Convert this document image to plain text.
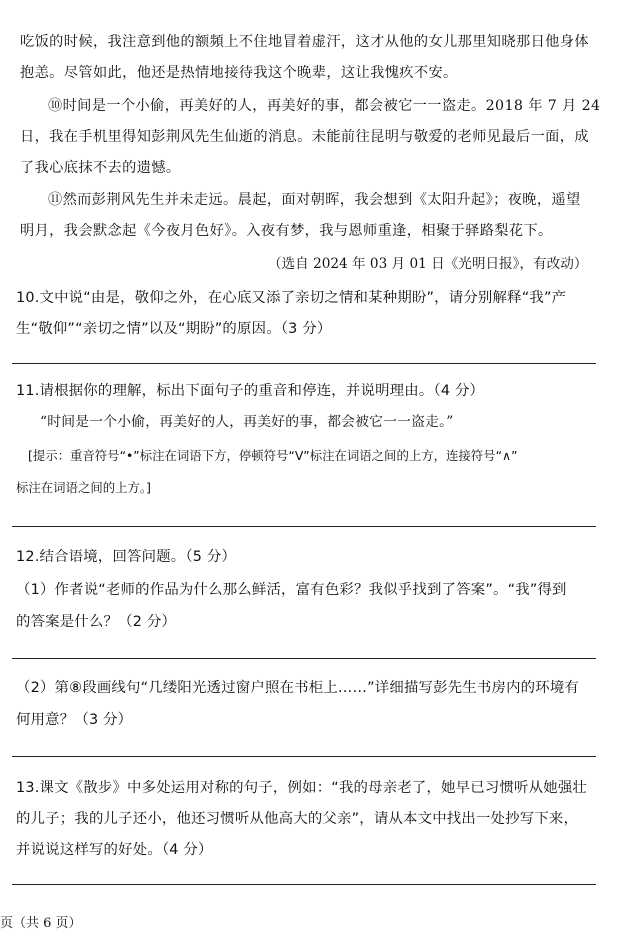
吃饭的时候，我注意到他的额頻上不住地冒着虚汗，这才从他的女儿那里知晓那日他身体
抱恙。尽管如此，他还是热情地接待我这个晚辈，这让我愧疚不安。
⑩时间是一个小偷，再美好的人，再美好的事，都会被它一一盗走。2018 年 7 月 24
日，我在手机里得知彭荆风先生仙逝的消息。未能前往昆明与敬爱的老师见最后一面，成
了我心底抹不去的遗憾。
⑪然而彭荆风先生并未走远。晨起，面对朝晖，我会想到《太阳升起》；夜晚，遥望
明月，我会默念起《今夜月色好》。入夜有梦，我与恩师重逢，相聚于驿路梨花下。
（选自 2024 年 03 月 01 日《光明日报》，有改动）
10.文中说“由是，敬仰之外，在心底又添了亲切之情和某种期盼”，请分别解释“我”产
生“敬仰”“亲切之情”以及“期盼”的原因。（3 分）
11.请根据你的理解，标出下面句子的重音和停连，并说明理由。（4 分）
“时间是一个小偷，再美好的人，再美好的事，都会被它一一盗走。”
[提示：重音符号“•”标注在词语下方，停顿符号“V”标注在词语之间的上方，连接符号“∧”
标注在词语之间的上方。]
12.结合语境，回答问题。（5 分）
（1）作者说“老师的作品为什么那么鲜活，富有色彩？我似乎找到了答案”。“我”得到
的答案是什么？（2 分）
（2）第⑧段画线句“几缕阳光透过窗户照在书柜上……”详细描写彭先生书房内的环境有
何用意？（3 分）
13.课文《散步》中多处运用对称的句子，例如：“我的母亲老了，她早已习惯听从她强壮
的儿子；我的儿子还小，他还习惯听从他高大的父亲”，请从本文中找出一处抄写下来，
并说说这样写的好处。（4 分）
页（共 6 页）
